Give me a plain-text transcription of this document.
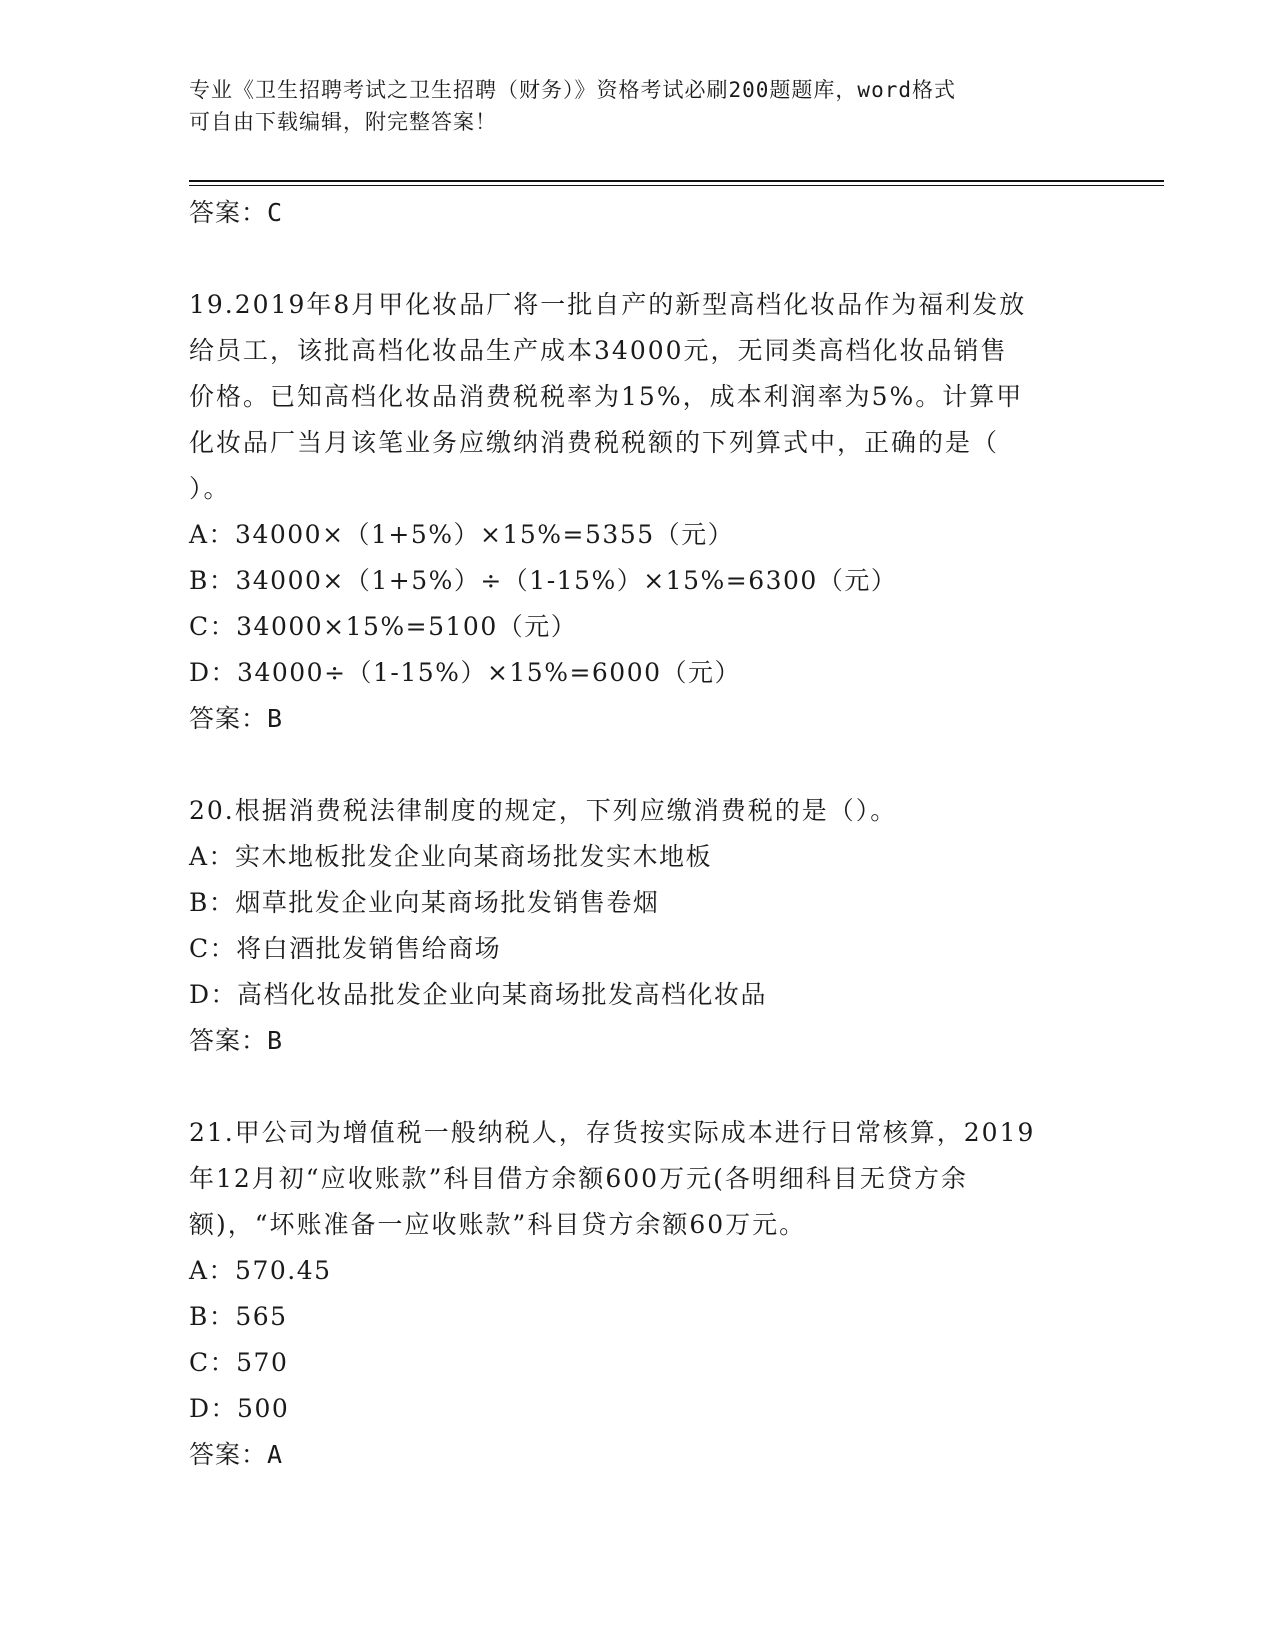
专业《卫生招聘考试之卫生招聘（财务）》资格考试必刷200题题库，word格式
可自由下载编辑，附完整答案！
答案：C
19.2019年8月甲化妆品厂将一批自产的新型高档化妆品作为福利发放
给员工，该批高档化妆品生产成本34000元，无同类高档化妆品销售
价格。已知高档化妆品消费税税率为15%，成本利润率为5%。计算甲
化妆品厂当月该笔业务应缴纳消费税税额的下列算式中，正确的是（
）。
A：34000×（1+5%）×15%=5355（元）
B：34000×（1+5%）÷（1-15%）×15%=6300（元）
C：34000×15%=5100（元）
D：34000÷（1-15%）×15%=6000（元）
答案：B
20.根据消费税法律制度的规定，下列应缴消费税的是（）。
A：实木地板批发企业向某商场批发实木地板
B：烟草批发企业向某商场批发销售卷烟
C：将白酒批发销售给商场
D：高档化妆品批发企业向某商场批发高档化妆品
答案：B
21.甲公司为增值税一般纳税人，存货按实际成本进行日常核算，2019
年12月初“应收账款”科目借方余额600万元(各明细科目无贷方余
额)，“坏账准备一应收账款”科目贷方余额60万元。
A：570.45
B：565
C：570
D：500
答案：A
